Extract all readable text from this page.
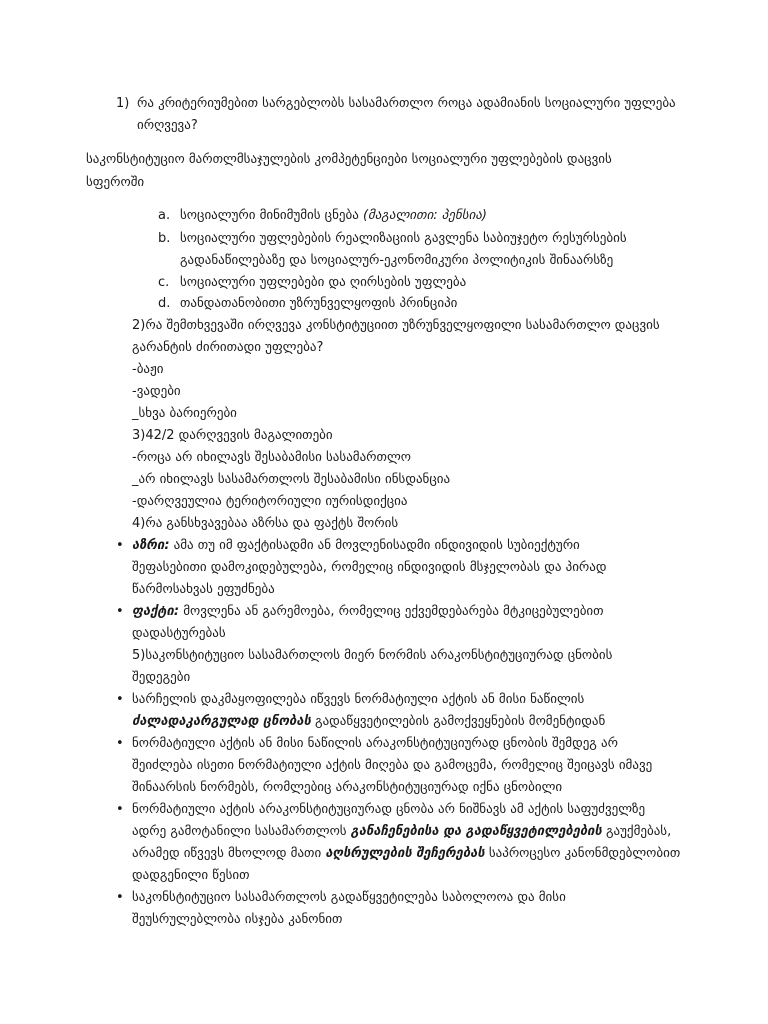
1) რა კრიტერიუმებით სარგებლობს სასამართლო როცა ადამიანის სოციალური უფლება
ირღვევა?
საკონსტიტუციო მართლმსაჯულების კომპეტენციები სოციალური უფლებების დაცვის
სფეროში
a. სოციალური მინიმუმის ცნება (მაგალითი: პენსია)
b. სოციალური უფლებების რეალიზაციის გავლენა საბიუჯეტო რესურსების
გადანაწილებაზე და სოციალურ-ეკონომიკური პოლიტიკის შინაარსზე
c. სოციალური უფლებები და ღირსების უფლება
d. თანდათანობითი უზრუნველყოფის პრინციპი
2)რა შემთხვევაში ირღვევა კონსტიტუციით უზრუნველყოფილი სასამართლო დაცვის
გარანტის ძირითადი უფლება?
-ბაჟი
-ვადები
_სხვა ბარიერები
3)42/2 დარღვევის მაგალითები
-როცა არ იხილავს შესაბამისი სასამართლო
_არ იხილავს სასამართლოს შესაბამისი ინსდანცია
-დარღვეულია ტერიტორიული იურისდიქცია
4)რა განსხვავებაა აზრსა და ფაქტს შორის
• აზრი: ამა თუ იმ ფაქტისადმი ან მოვლენისადმი ინდივიდის სუბიექტური
შეფასებითი დამოკიდებულება, რომელიც ინდივიდის მსჯელობას და პირად
წარმოსახვას ეფუძნება
• ფაქტი: მოვლენა ან გარემოება, რომელიც ექვემდებარება მტკიცებულებით
დადასტურებას
5)საკონსტიტუციო სასამართლოს მიერ ნორმის არაკონსტიტუციურად ცნობის
შედეგები
• სარჩელის დაკმაყოფილება იწვევს ნორმატიული აქტის ან მისი ნაწილის
ძალადაკარგულად ცნობას გადაწყვეტილების გამოქვეყნების მომენტიდან
• ნორმატიული აქტის ან მისი ნაწილის არაკონსტიტუციურად ცნობის შემდეგ არ
შეიძლება ისეთი ნორმატიული აქტის მიღება და გამოცემა, რომელიც შეიცავს იმავე
შინაარსის ნორმებს, რომლებიც არაკონსტიტუციურად იქნა ცნობილი
• ნორმატიული აქტის არაკონსტიტუციურად ცნობა არ ნიშნავს ამ აქტის საფუძველზე
ადრე გამოტანილი სასამართლოს განაჩენებისა და გადაწყვეტილებების გაუქმებას,
არამედ იწვევს მხოლოდ მათი აღსრულების შეჩერებას საპროცესო კანონმდებლობით
დადგენილი წესით
• საკონსტიტუციო სასამართლოს გადაწყვეტილება საბოლოოა და მისი
შეუსრულებლობა ისჯება კანონით
